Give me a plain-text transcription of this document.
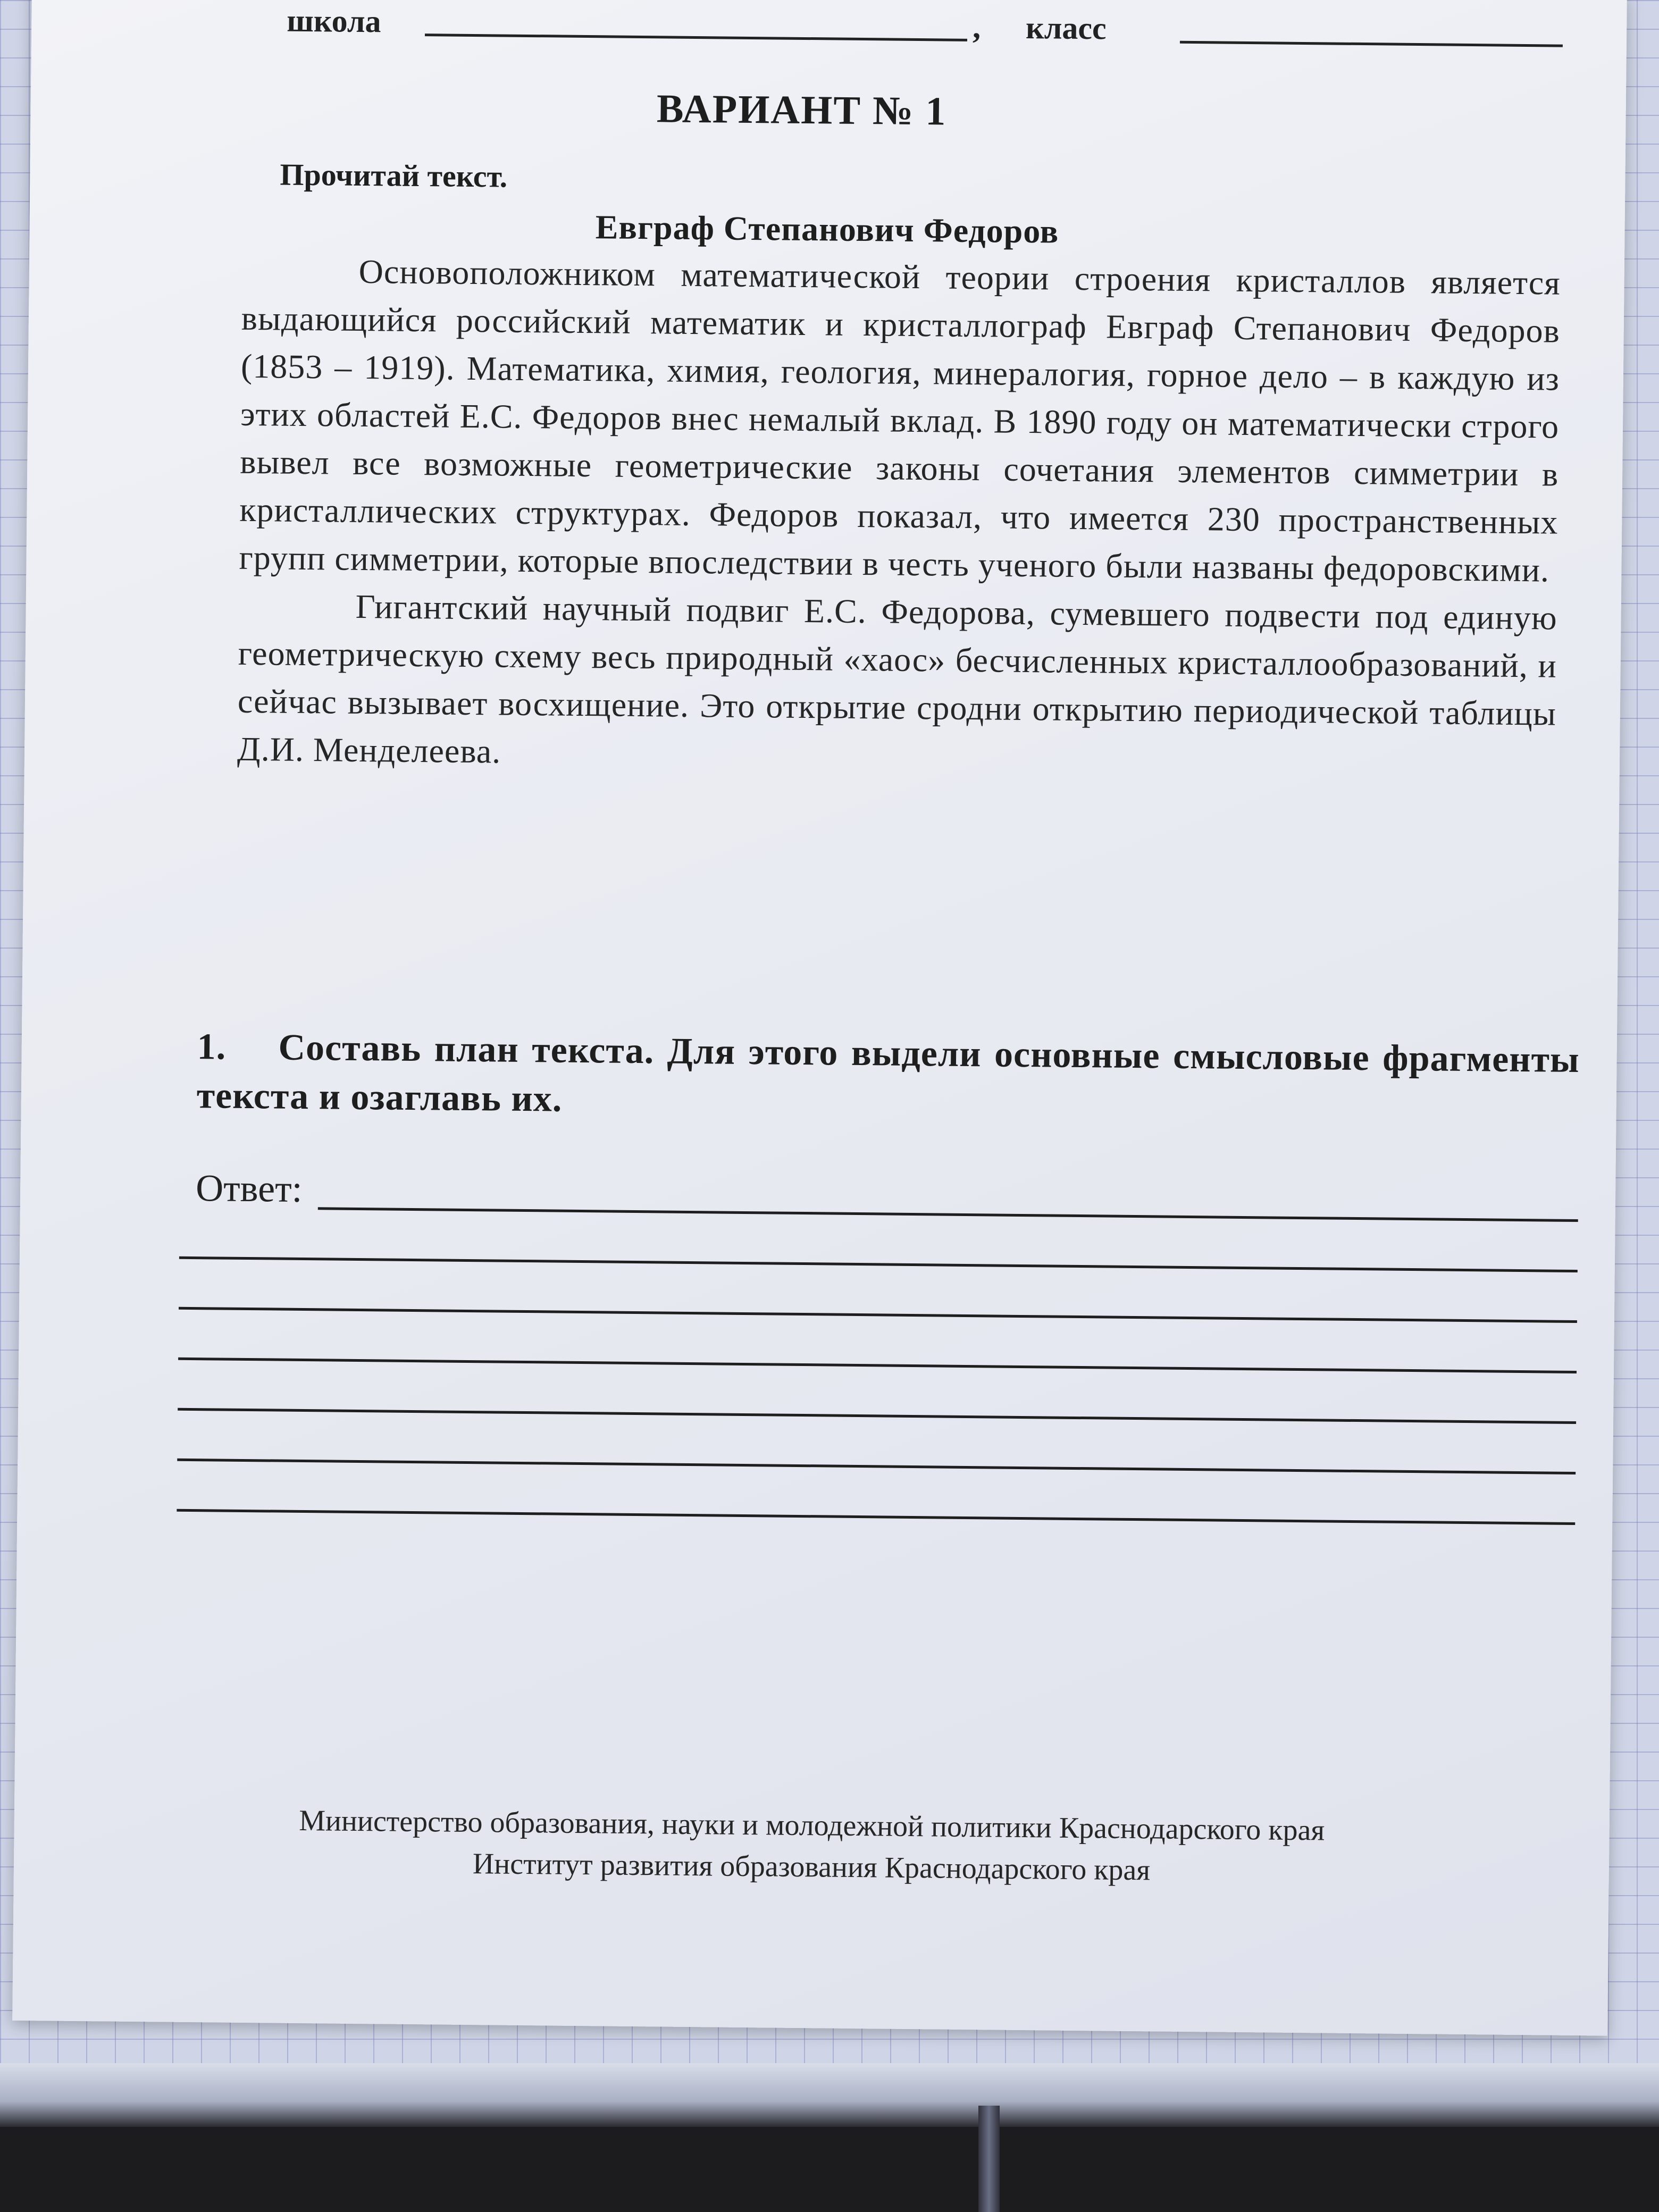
школа	, класс
ВАРИАНТ № 1
Прочитай текст.
Евграф Степанович Федоров

Основоположником математической теории строения кристаллов является выдающийся российский математик и кристаллограф Евграф Степанович Федоров (1853 – 1919). Математика, химия, геология, минералогия, горное дело – в каждую из этих областей Е.С. Федоров внес немалый вклад. В 1890 году он математически строго вывел все возможные геометрические законы сочетания элементов симметрии в кристаллических структурах. Федоров показал, что имеется 230 пространственных групп симметрии, которые впоследствии в честь ученого были названы федоровскими.

Гигантский научный подвиг Е.С. Федорова, сумевшего подвести под единую геометрическую схему весь природный «хаос» бесчисленных кристаллообразований, и сейчас вызывает восхищение. Это открытие сродни открытию периодической таблицы Д.И. Менделеева.

1. Составь план текста. Для этого выдели основные смысловые фрагменты текста и озаглавь их.
Ответ:
Министерство образования, науки и молодежной политики Краснодарского края
Институт развития образования Краснодарского края
